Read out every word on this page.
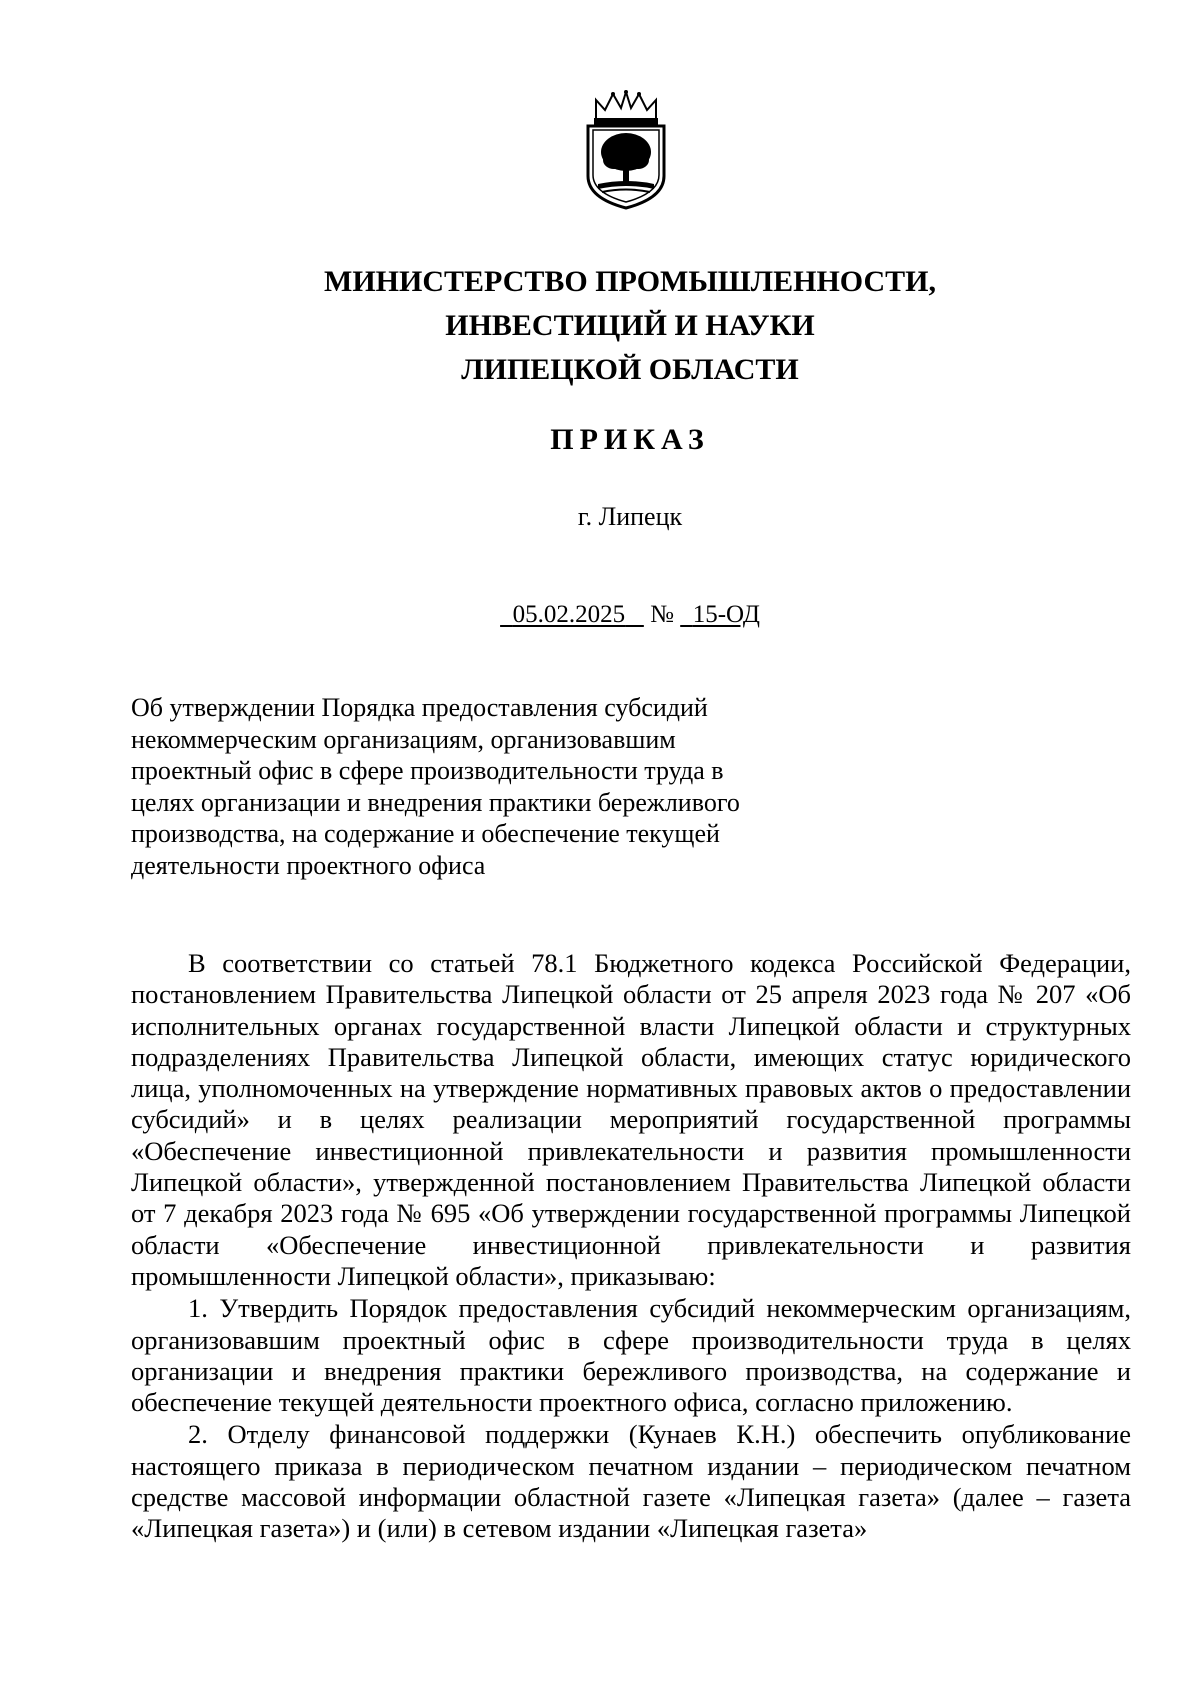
МИНИСТЕРСТВО ПРОМЫШЛЕННОСТИ,
ИНВЕСТИЦИЙ И НАУКИ
ЛИПЕЦКОЙ ОБЛАСТИ
ПРИКАЗ
г. Липецк
05.02.2025 № 15-ОД
Об утверждении Порядка предоставления субсидий
некоммерческим организациям, организовавшим
проектный офис в сфере производительности труда в
целях организации и внедрения практики бережливого
производства, на содержание и обеспечение текущей
деятельности проектного офиса

В соответствии со статьей 78.1 Бюджетного кодекса Российской Федерации, постановлением Правительства Липецкой области от 25 апреля 2023 года № 207 «Об исполнительных органах государственной власти Липецкой области и структурных подразделениях Правительства Липецкой области, имеющих статус юридического лица, уполномоченных на утверждение нормативных правовых актов о предоставлении субсидий» и в целях реализации мероприятий государственной программы «Обеспечение инвестиционной привлекательности и развития промышленности Липецкой области», утвержденной постановлением Правительства Липецкой области от 7 декабря 2023 года № 695 «Об утверждении государственной программы Липецкой области «Обеспечение инвестиционной привлекательности и развития промышленности Липецкой области», приказываю:

1. Утвердить Порядок предоставления субсидий некоммерческим организациям, организовавшим проектный офис в сфере производительности труда в целях организации и внедрения практики бережливого производства, на содержание и обеспечение текущей деятельности проектного офиса, согласно приложению.

2. Отделу финансовой поддержки (Кунаев К.Н.) обеспечить опубликование настоящего приказа в периодическом печатном издании – периодическом печатном средстве массовой информации областной газете «Липецкая газета» (далее – газета «Липецкая газета») и (или) в сетевом издании «Липецкая газета»
